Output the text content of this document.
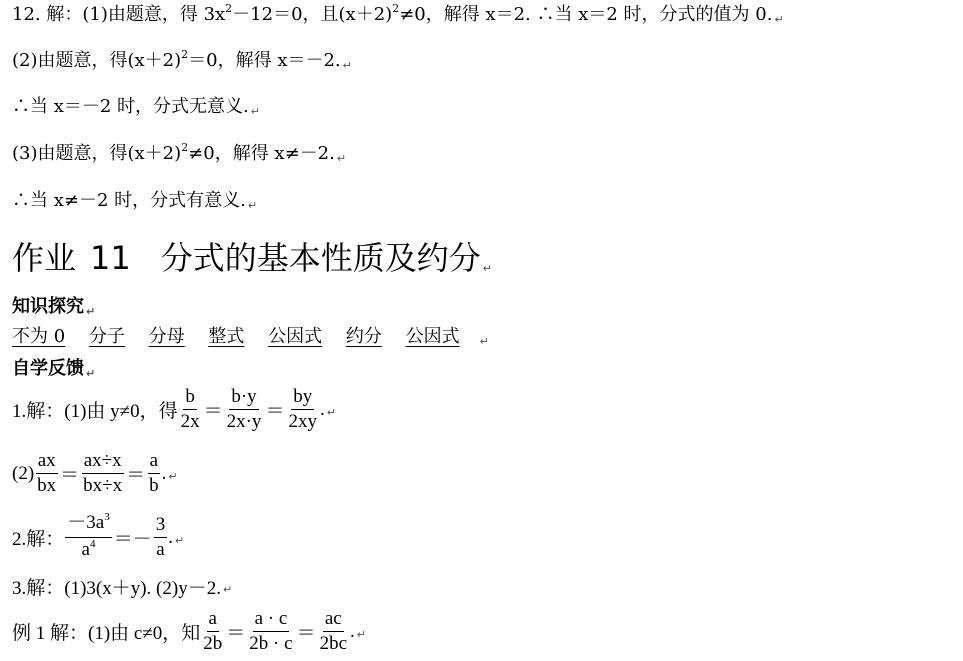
12. 解：(1)由题意，得 $3x^2-12=0$，且$(x+2)^2\ne 0$，解得 x＝2. ∴当 x＝2 时，分式的值为 0. ↵
(2)由题意，得$(x+2)^2=0$，解得 x＝－2. ↵
∴当 x＝－2 时，分式无意义. ↵
(3)由题意，得$(x+2)^2\ne 0$，解得 x≠－2. ↵
∴当 x≠－2 时，分式有意义. ↵
作业 11 分式的基本性质及约分 ↵
知识探究 ↵
不为 0 分子 分母 整式 公因式 约分 公因式 ↵
自学反馈 ↵
1.解：(1)由 y≠0，得 $\frac{b}{2x} = \frac{b\cdot y}{2x\cdot y} = \frac{by}{2xy}$ . ↵
$(2) \frac{ax}{bx} = \frac{ax\div x}{bx\div x} = \frac{a}{b}$ . ↵
2.解： $\frac{-3a^3}{a^4} =- \frac{3}{a}$ . ↵
3.解：(1)3(x＋y). (2)y－2. ↵
例 1 解：(1)由 c≠0，知 $\frac{a}{2b} = \frac{a \cdot c}{2b \cdot c} = \frac{ac}{2bc}$ . ↵
